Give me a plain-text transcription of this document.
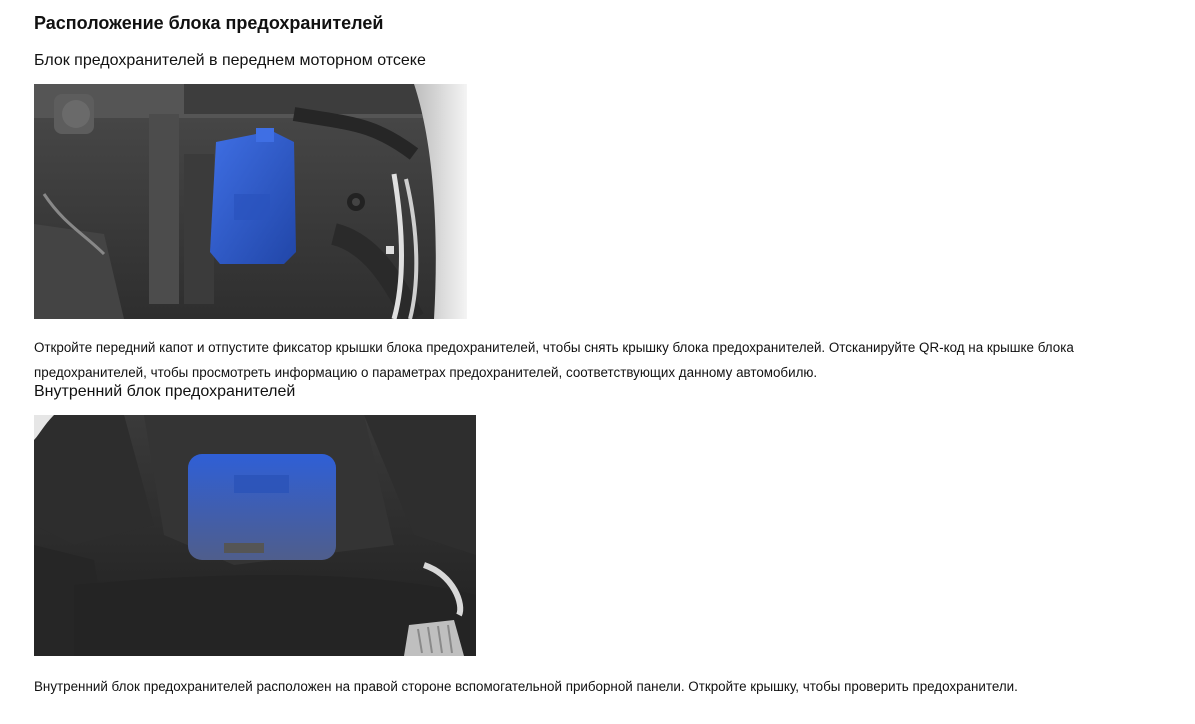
Расположение блока предохранителей
Блок предохранителей в переднем моторном отсеке

Откройте передний капот и отпустите фиксатор крышки блока предохранителей, чтобы снять крышку блока предохранителей. Отсканируйте QR-код на крышке блока предохранителей, чтобы просмотреть информацию о параметрах предохранителей, соответствующих данному автомобилю.

Внутренний блок предохранителей

Внутренний блок предохранителей расположен на правой стороне вспомогательной приборной панели. Откройте крышку, чтобы проверить предохранители.
